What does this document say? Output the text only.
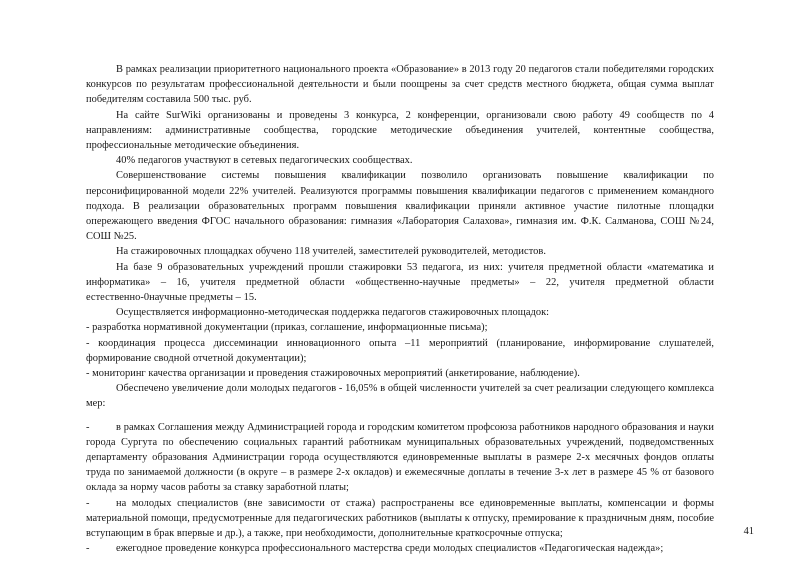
В рамках реализации приоритетного национального проекта «Образование» в 2013 году 20 педагогов стали победителями городских конкурсов по результатам профессиональной деятельности и были поощрены за счет средств местного бюджета, общая сумма выплат победителям составила 500 тыс. руб.

На сайте SurWiki организованы и проведены 3 конкурса, 2 конференции, организовали свою работу 49 сообществ по 4 направлениям: административные сообщества, городские методические объединения учителей, контентные сообщества, профессиональные методические объединения.

40% педагогов участвуют в сетевых педагогических сообществах.

Совершенствование системы повышения квалификации позволило организовать повышение квалификации по персонифицированной модели 22% учителей. Реализуются программы повышения квалификации педагогов с применением командного подхода. В реализации образовательных программ повышения квалификации приняли активное участие пилотные площадки опережающего введения ФГОС начального образования: гимназия «Лаборатория Салахова», гимназия им. Ф.К. Салманова, СОШ №24, СОШ №25.

На стажировочных площадках обучено 118 учителей, заместителей руководителей, методистов.

На базе 9 образовательных учреждений прошли стажировки 53 педагога, из них: учителя предметной области «математика и информатика» – 16, учителя предметной области «общественно-научные предметы» – 22, учителя предметной области естественно-0научные предметы – 15.

Осуществляется информационно-методическая поддержка педагогов стажировочных площадок:

- разработка нормативной документации (приказ, соглашение, информационные письма);

- координация процесса диссеминации инновационного опыта –11 мероприятий (планирование, информирование слушателей, формирование сводной отчетной документации);

- мониторинг качества организации и проведения стажировочных мероприятий (анкетирование, наблюдение).

Обеспечено увеличение доли молодых педагогов - 16,05% в общей численности учителей за счет реализации следующего комплекса мер:

-	в рамках Соглашения между Администрацией города и городским комитетом профсоюза работников народного образования и науки города Сургута по обеспечению социальных гарантий работникам муниципальных образовательных учреждений, подведомственных департаменту образования Администрации города осуществляются единовременные выплаты в размере 2-х месячных фондов оплаты труда по занимаемой должности (в округе – в размере 2-х окладов) и ежемесячные доплаты в течение 3-х лет в размере 45 % от базового оклада за норму часов работы за ставку заработной платы;

-	на молодых специалистов (вне зависимости от стажа) распространены все единовременные выплаты, компенсации и формы материальной помощи, предусмотренные для педагогических работников (выплаты к отпуску, премирование к праздничным дням, пособие вступающим в брак впервые и др.), а также, при необходимости, дополнительные краткосрочные отпуска;

-	ежегодное проведение конкурса профессионального мастерства среди молодых специалистов «Педагогическая надежда»;

41
